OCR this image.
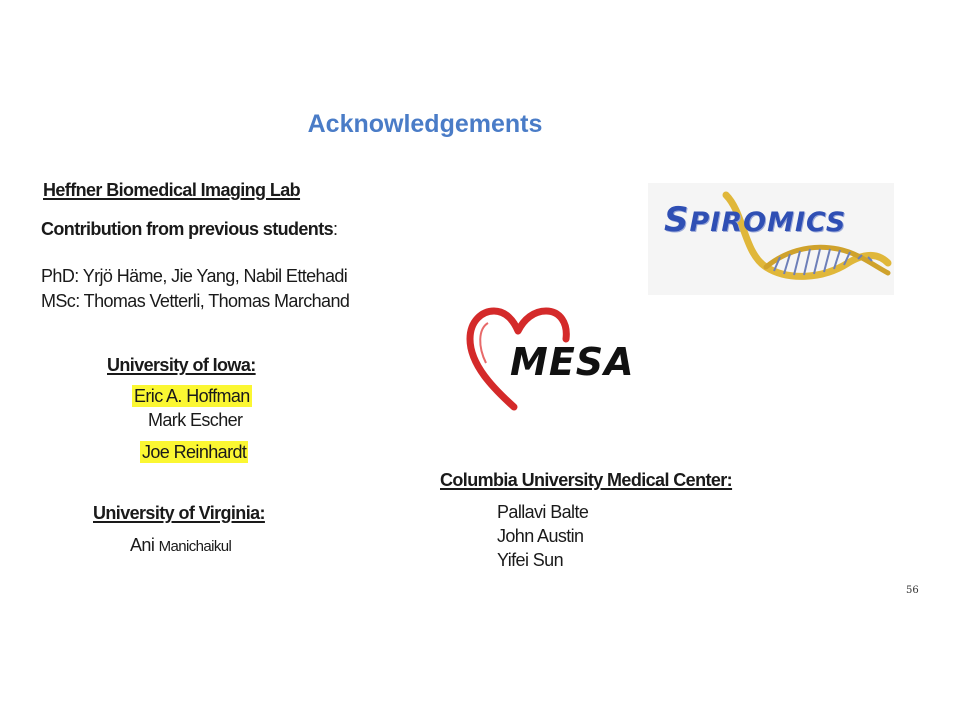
Acknowledgements
Heffner Biomedical Imaging Lab
Contribution from previous students:
PhD: Yrjö Häme, Jie Yang, Nabil Ettehadi
MSc: Thomas Vetterli, Thomas Marchand
University of Iowa:
Eric A. Hoffman
Mark Escher
Joe Reinhardt
University of Virginia:
Ani Manichaikul
Columbia University Medical Center:
Pallavi Balte
John Austin
Yifei Sun
SPIROMICS
MESA
56
